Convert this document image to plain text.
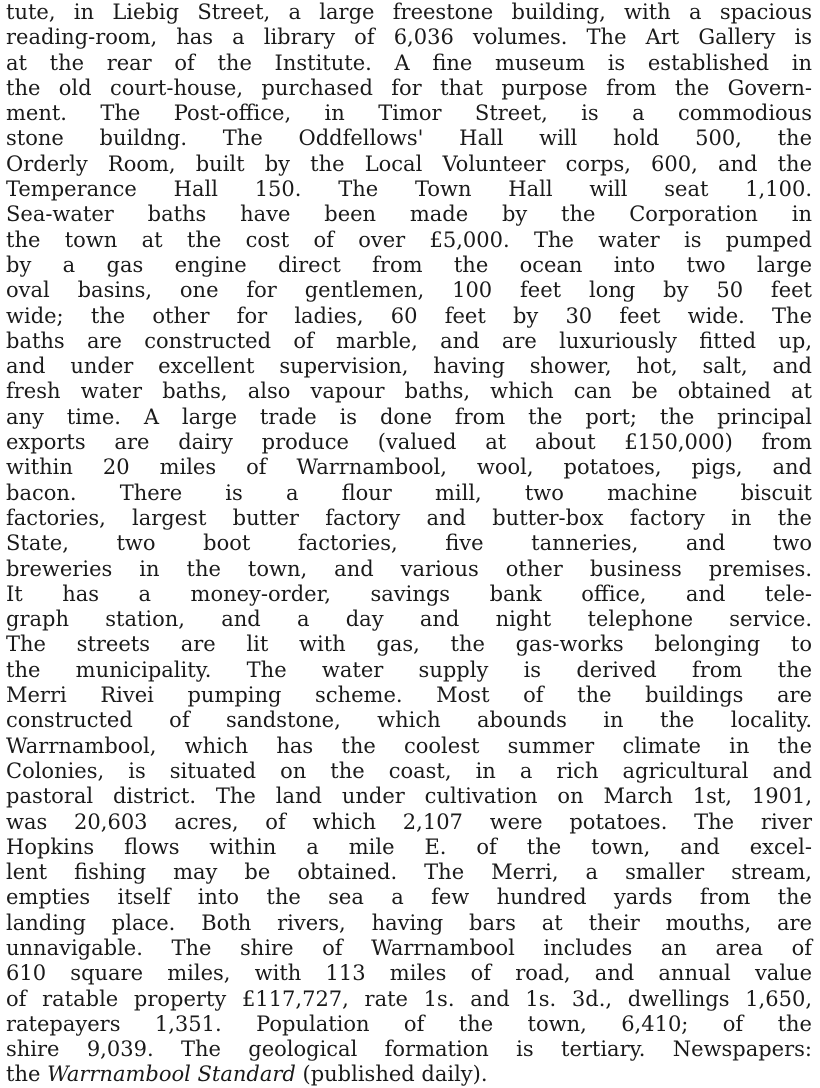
tute, in Liebig Street, a large freestone building, with a spacious
reading-room, has a library of 6,036 volumes. The Art Gallery is
at the rear of the Institute. A fine museum is established in
the old court-house, purchased for that purpose from the Govern-
ment. The Post-office, in Timor Street, is a commodious
stone buildng. The Oddfellows' Hall will hold 500, the
Orderly Room, built by the Local Volunteer corps, 600, and the
Temperance Hall 150. The Town Hall will seat 1,100.
Sea-water baths have been made by the Corporation in
the town at the cost of over £5,000. The water is pumped
by a gas engine direct from the ocean into two large
oval basins, one for gentlemen, 100 feet long by 50 feet
wide; the other for ladies, 60 feet by 30 feet wide. The
baths are constructed of marble, and are luxuriously fitted up,
and under excellent supervision, having shower, hot, salt, and
fresh water baths, also vapour baths, which can be obtained at
any time. A large trade is done from the port; the principal
exports are dairy produce (valued at about £150,000) from
within 20 miles of Warrnambool, wool, potatoes, pigs, and
bacon. There is a flour mill, two machine biscuit
factories, largest butter factory and butter-box factory in the
State, two boot factories, five tanneries, and two
breweries in the town, and various other business premises.
It has a money-order, savings bank office, and tele-
graph station, and a day and night telephone service.
The streets are lit with gas, the gas-works belonging to
the municipality. The water supply is derived from the
Merri Rivei pumping scheme. Most of the buildings are
constructed of sandstone, which abounds in the locality.
Warrnambool, which has the coolest summer climate in the
Colonies, is situated on the coast, in a rich agricultural and
pastoral district. The land under cultivation on March 1st, 1901,
was 20,603 acres, of which 2,107 were potatoes. The river
Hopkins flows within a mile E. of the town, and excel-
lent fishing may be obtained. The Merri, a smaller stream,
empties itself into the sea a few hundred yards from the
landing place. Both rivers, having bars at their mouths, are
unnavigable. The shire of Warrnambool includes an area of
610 square miles, with 113 miles of road, and annual value
of ratable property £117,727, rate 1s. and 1s. 3d., dwellings 1,650,
ratepayers 1,351. Population of the town, 6,410; of the
shire 9,039. The geological formation is tertiary. Newspapers:
the Warrnambool Standard (published daily).
